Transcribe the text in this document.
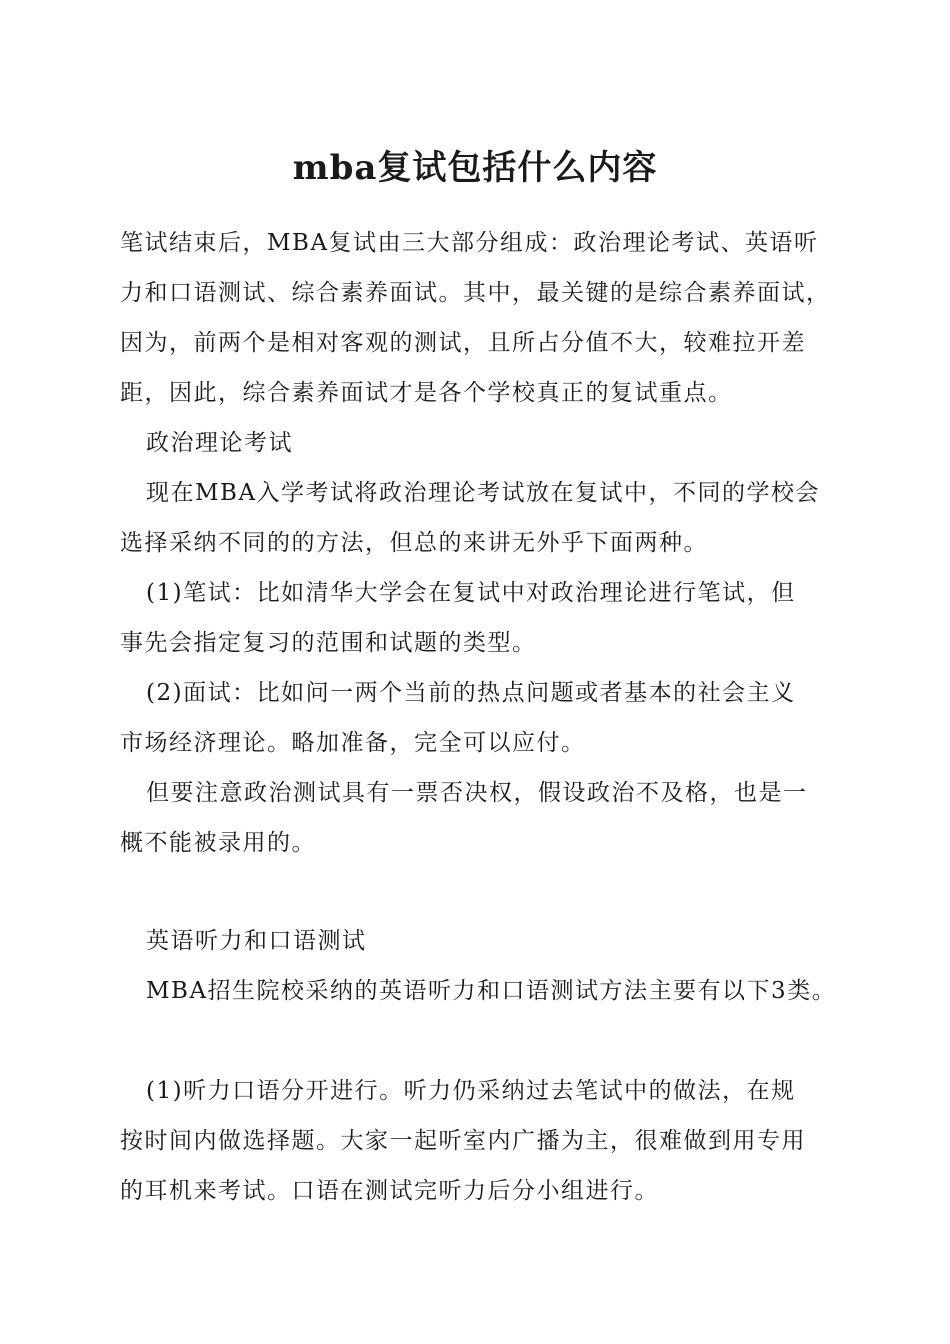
mba复试包括什么内容
笔试结束后，MBA复试由三大部分组成：政治理论考试、英语听
力和口语测试、综合素养面试。其中，最关键的是综合素养面试，
因为，前两个是相对客观的测试，且所占分值不大，较难拉开差
距，因此，综合素养面试才是各个学校真正的复试重点。
政治理论考试
现在MBA入学考试将政治理论考试放在复试中，不同的学校会
选择采纳不同的的方法，但总的来讲无外乎下面两种。
(1)笔试：比如清华大学会在复试中对政治理论进行笔试，但
事先会指定复习的范围和试题的类型。
(2)面试：比如问一两个当前的热点问题或者基本的社会主义
市场经济理论。略加准备，完全可以应付。
但要注意政治测试具有一票否决权，假设政治不及格，也是一
概不能被录用的。
英语听力和口语测试
MBA招生院校采纳的英语听力和口语测试方法主要有以下3类。
(1)听力口语分开进行。听力仍采纳过去笔试中的做法，在规
按时间内做选择题。大家一起听室内广播为主，很难做到用专用
的耳机来考试。口语在测试完听力后分小组进行。
